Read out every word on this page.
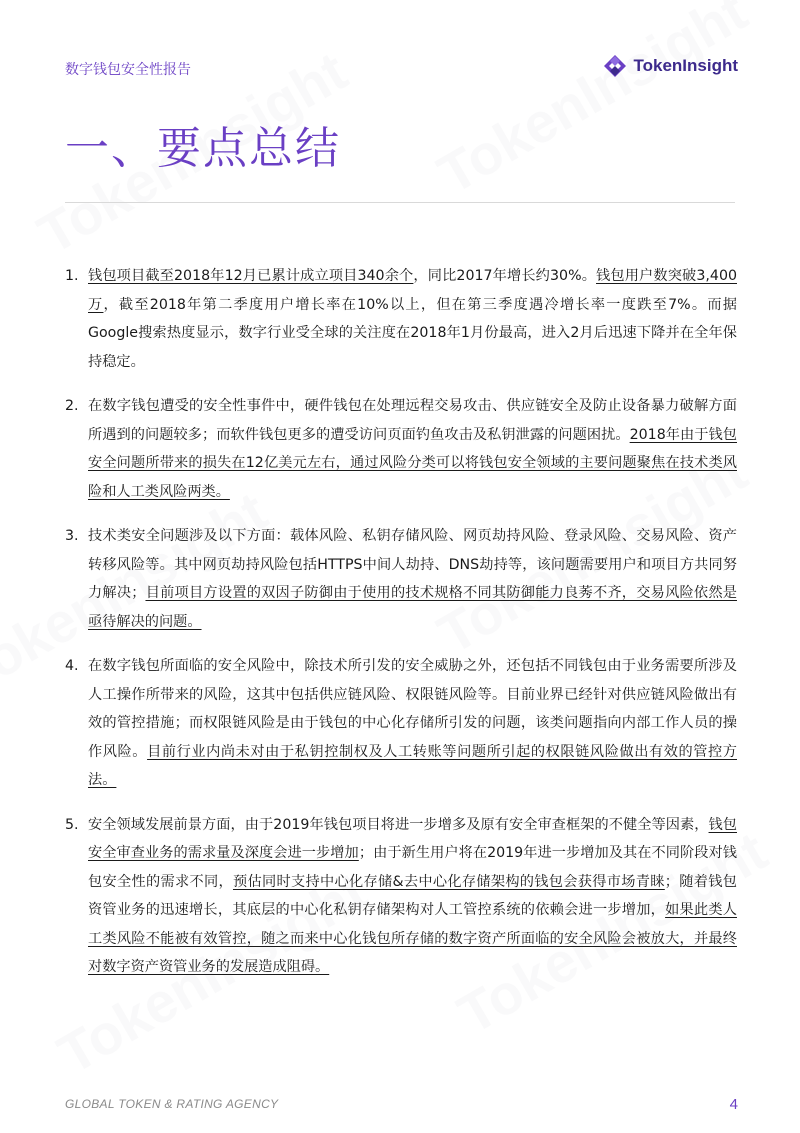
数字钱包安全性报告	TokenInsight
一、要点总结
1. 钱包项目截至2018年12月已累计成立项目340余个，同比2017年增长约30%。钱包用户数突破3,400万，截至2018年第二季度用户增长率在10%以上，但在第三季度遇冷增长率一度跌至7%。而据Google搜索热度显示，数字行业受全球的关注度在2018年1月份最高，进入2月后迅速下降并在全年保持稳定。
2. 在数字钱包遭受的安全性事件中，硬件钱包在处理远程交易攻击、供应链安全及防止设备暴力破解方面所遇到的问题较多；而软件钱包更多的遭受访问页面钓鱼攻击及私钥泄露的问题困扰。2018年由于钱包安全问题所带来的损失在12亿美元左右，通过风险分类可以将钱包安全领域的主要问题聚焦在技术类风险和人工类风险两类。
3. 技术类安全问题涉及以下方面：载体风险、私钥存储风险、网页劫持风险、登录风险、交易风险、资产转移风险等。其中网页劫持风险包括HTTPS中间人劫持、DNS劫持等，该问题需要用户和项目方共同努力解决；目前项目方设置的双因子防御由于使用的技术规格不同其防御能力良莠不齐，交易风险依然是亟待解决的问题。
4. 在数字钱包所面临的安全风险中，除技术所引发的安全威胁之外，还包括不同钱包由于业务需要所涉及人工操作所带来的风险，这其中包括供应链风险、权限链风险等。目前业界已经针对供应链风险做出有效的管控措施；而权限链风险是由于钱包的中心化存储所引发的问题，该类问题指向内部工作人员的操作风险。目前行业内尚未对由于私钥控制权及人工转账等问题所引起的权限链风险做出有效的管控方法。
5. 安全领域发展前景方面，由于2019年钱包项目将进一步增多及原有安全审查框架的不健全等因素，钱包安全审查业务的需求量及深度会进一步增加；由于新生用户将在2019年进一步增加及其在不同阶段对钱包安全性的需求不同，预估同时支持中心化存储&去中心化存储架构的钱包会获得市场青睐；随着钱包资管业务的迅速增长，其底层的中心化私钥存储架构对人工管控系统的依赖会进一步增加，如果此类人工类风险不能被有效管控，随之而来中心化钱包所存储的数字资产所面临的安全风险会被放大，并最终对数字资产资管业务的发展造成阻碍。
GLOBAL TOKEN & RATING AGENCY	4
